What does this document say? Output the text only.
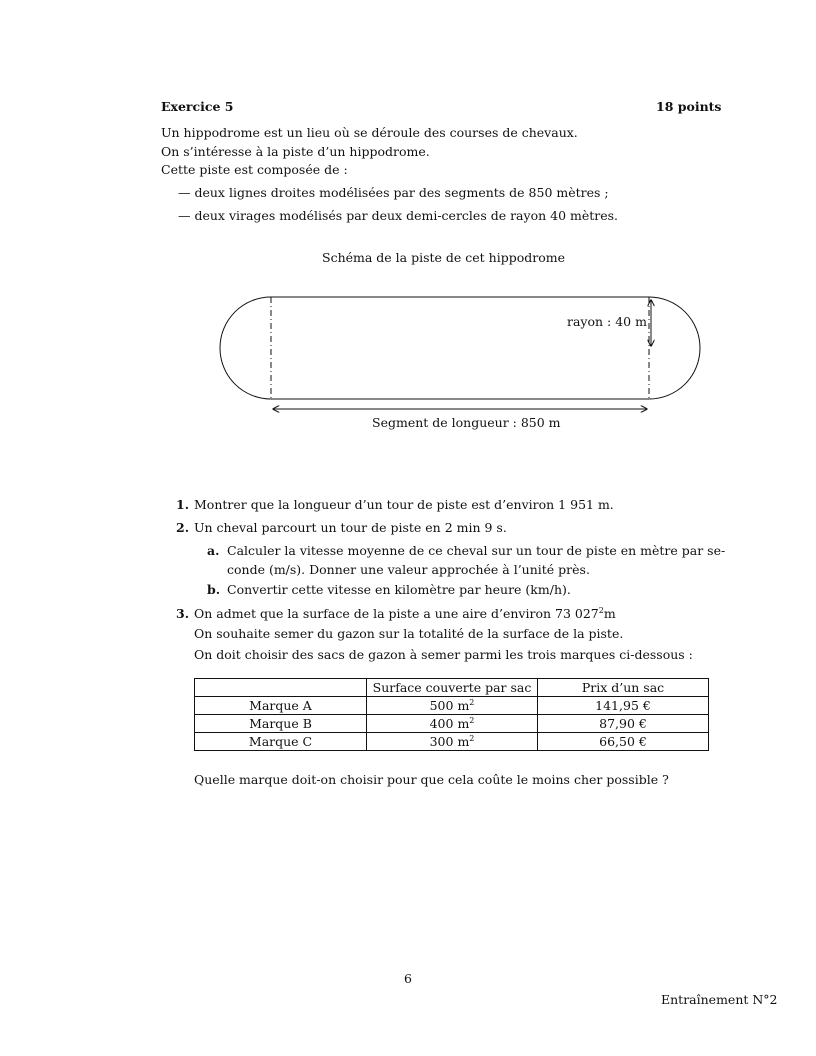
Exercice 5	18 points
Un hippodrome est un lieu où se déroule des courses de chevaux.
On s’intéresse à la piste d’un hippodrome.
Cette piste est composée de :
— deux lignes droites modélisées par des segments de 850 mètres ;
— deux virages modélisés par deux demi-cercles de rayon 40 mètres.
Schéma de la piste de cet hippodrome
rayon : 40 m
Segment de longueur : 850 m
1. Montrer que la longueur d’un tour de piste est d’environ 1 951 m.
2. Un cheval parcourt un tour de piste en 2 min 9 s.
a. Calculer la vitesse moyenne de ce cheval sur un tour de piste en mètre par se-
conde (m/s). Donner une valeur approchée à l’unité près.
b. Convertir cette vitesse en kilomètre par heure (km/h).
3. On admet que la surface de la piste a une aire d’environ 73 $027^2m$
On souhaite semer du gazon sur la totalité de la surface de la piste.
On doit choisir des sacs de gazon à semer parmi les trois marques ci-dessous :
	Surface couverte par sac	Prix d’un sac
Marque A	500 $m^2$	141,95 €
Marque B	400 $m^2$	87,90 €
Marque C	300 $m^2$	66,50 €
Quelle marque doit-on choisir pour que cela coûte le moins cher possible ?
6
Entraînement N°2
